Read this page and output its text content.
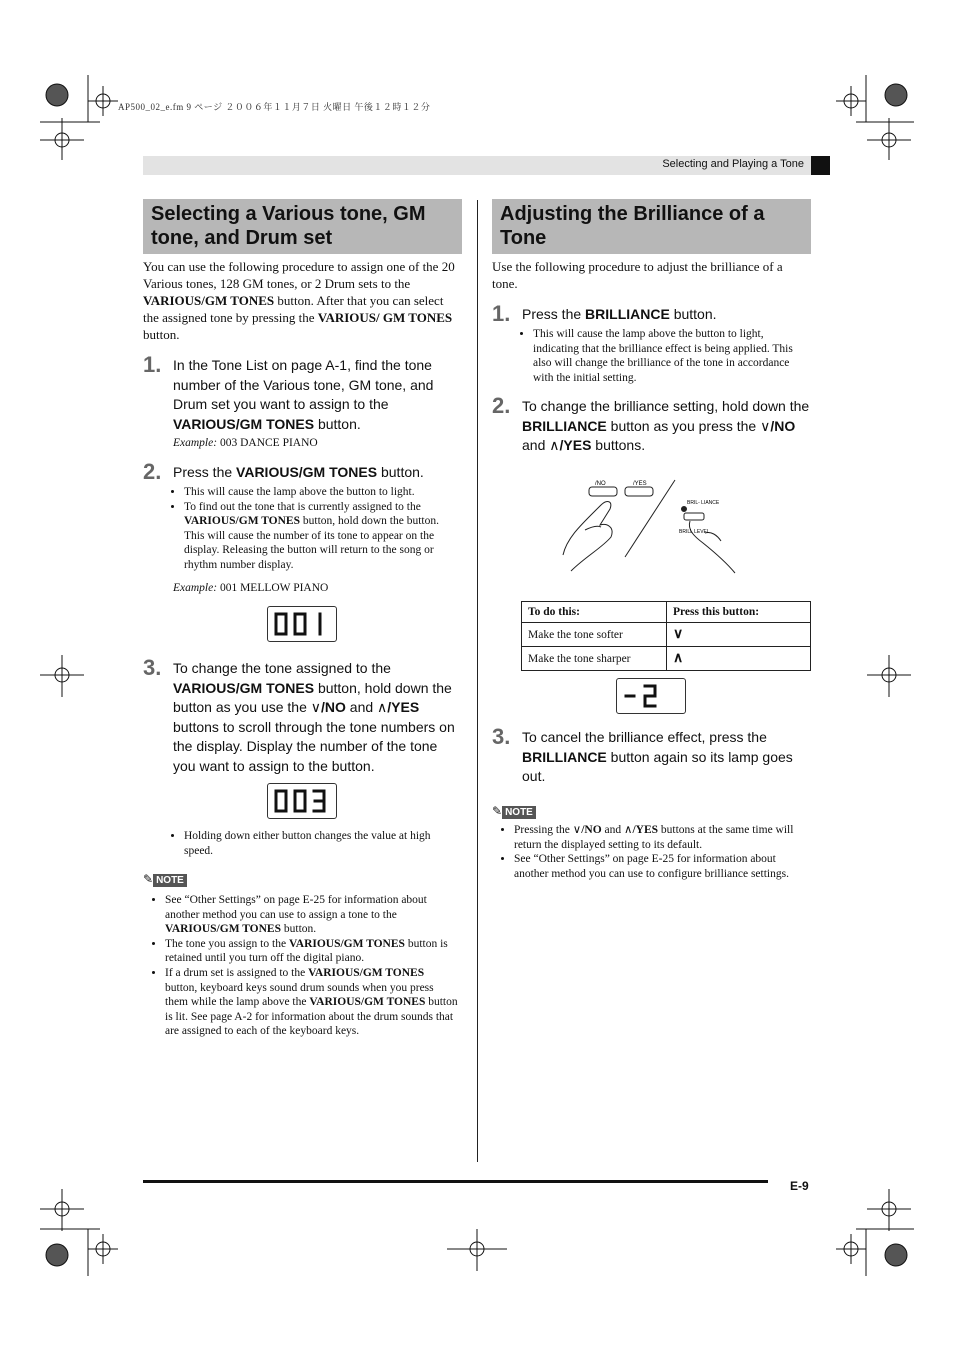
AP500_02_e.fm 9 ページ ２００６年１１月７日 火曜日 午後１２時１２分
Selecting and Playing a Tone
Selecting a Various tone, GM tone, and Drum set
You can use the following procedure to assign one of the 20 Various tones, 128 GM tones, or 2 Drum sets to the VARIOUS/GM TONES button. After that you can select the assigned tone by pressing the VARIOUS/ GM TONES button.
1. In the Tone List on page A-1, find the tone number of the Various tone, GM tone, and Drum set you want to assign to the VARIOUS/GM TONES button.
Example: 003 DANCE PIANO
2. Press the VARIOUS/GM TONES button.
• This will cause the lamp above the button to light.
• To find out the tone that is currently assigned to the VARIOUS/GM TONES button, hold down the button. This will cause the number of its tone to appear on the display. Releasing the button will return to the song or rhythm number display.
Example: 001 MELLOW PIANO
3. To change the tone assigned to the VARIOUS/GM TONES button, hold down the button as you use the ∨/NO and ∧/YES buttons to scroll through the tone numbers on the display. Display the number of the tone you want to assign to the button.
• Holding down either button changes the value at high speed.
✎ NOTE
• See “Other Settings” on page E-25 for information about another method you can use to assign a tone to the VARIOUS/GM TONES button.
• The tone you assign to the VARIOUS/GM TONES button is retained until you turn off the digital piano.
• If a drum set is assigned to the VARIOUS/GM TONES button, keyboard keys sound drum sounds when you press them while the lamp above the VARIOUS/GM TONES button is lit. See page A-2 for information about the drum sounds that are assigned to each of the keyboard keys.
Adjusting the Brilliance of a Tone
Use the following procedure to adjust the brilliance of a tone.
1. Press the BRILLIANCE button.
• This will cause the lamp above the button to light, indicating that the brilliance effect is being applied. This also will change the brilliance of the tone in accordance with the initial setting.
2. To change the brilliance setting, hold down the BRILLIANCE button as you press the ∨/NO and ∧/YES buttons.
/NO	/YES
BRIL- LIANCE
BRILL LEVEL
To do this:	Press this button:
Make the tone softer	∨
Make the tone sharper	∧
3. To cancel the brilliance effect, press the BRILLIANCE button again so its lamp goes out.
✎ NOTE
• Pressing the ∨/NO and ∧/YES buttons at the same time will return the displayed setting to its default.
• See “Other Settings” on page E-25 for information about another method you can use to configure brilliance settings.
E-9
